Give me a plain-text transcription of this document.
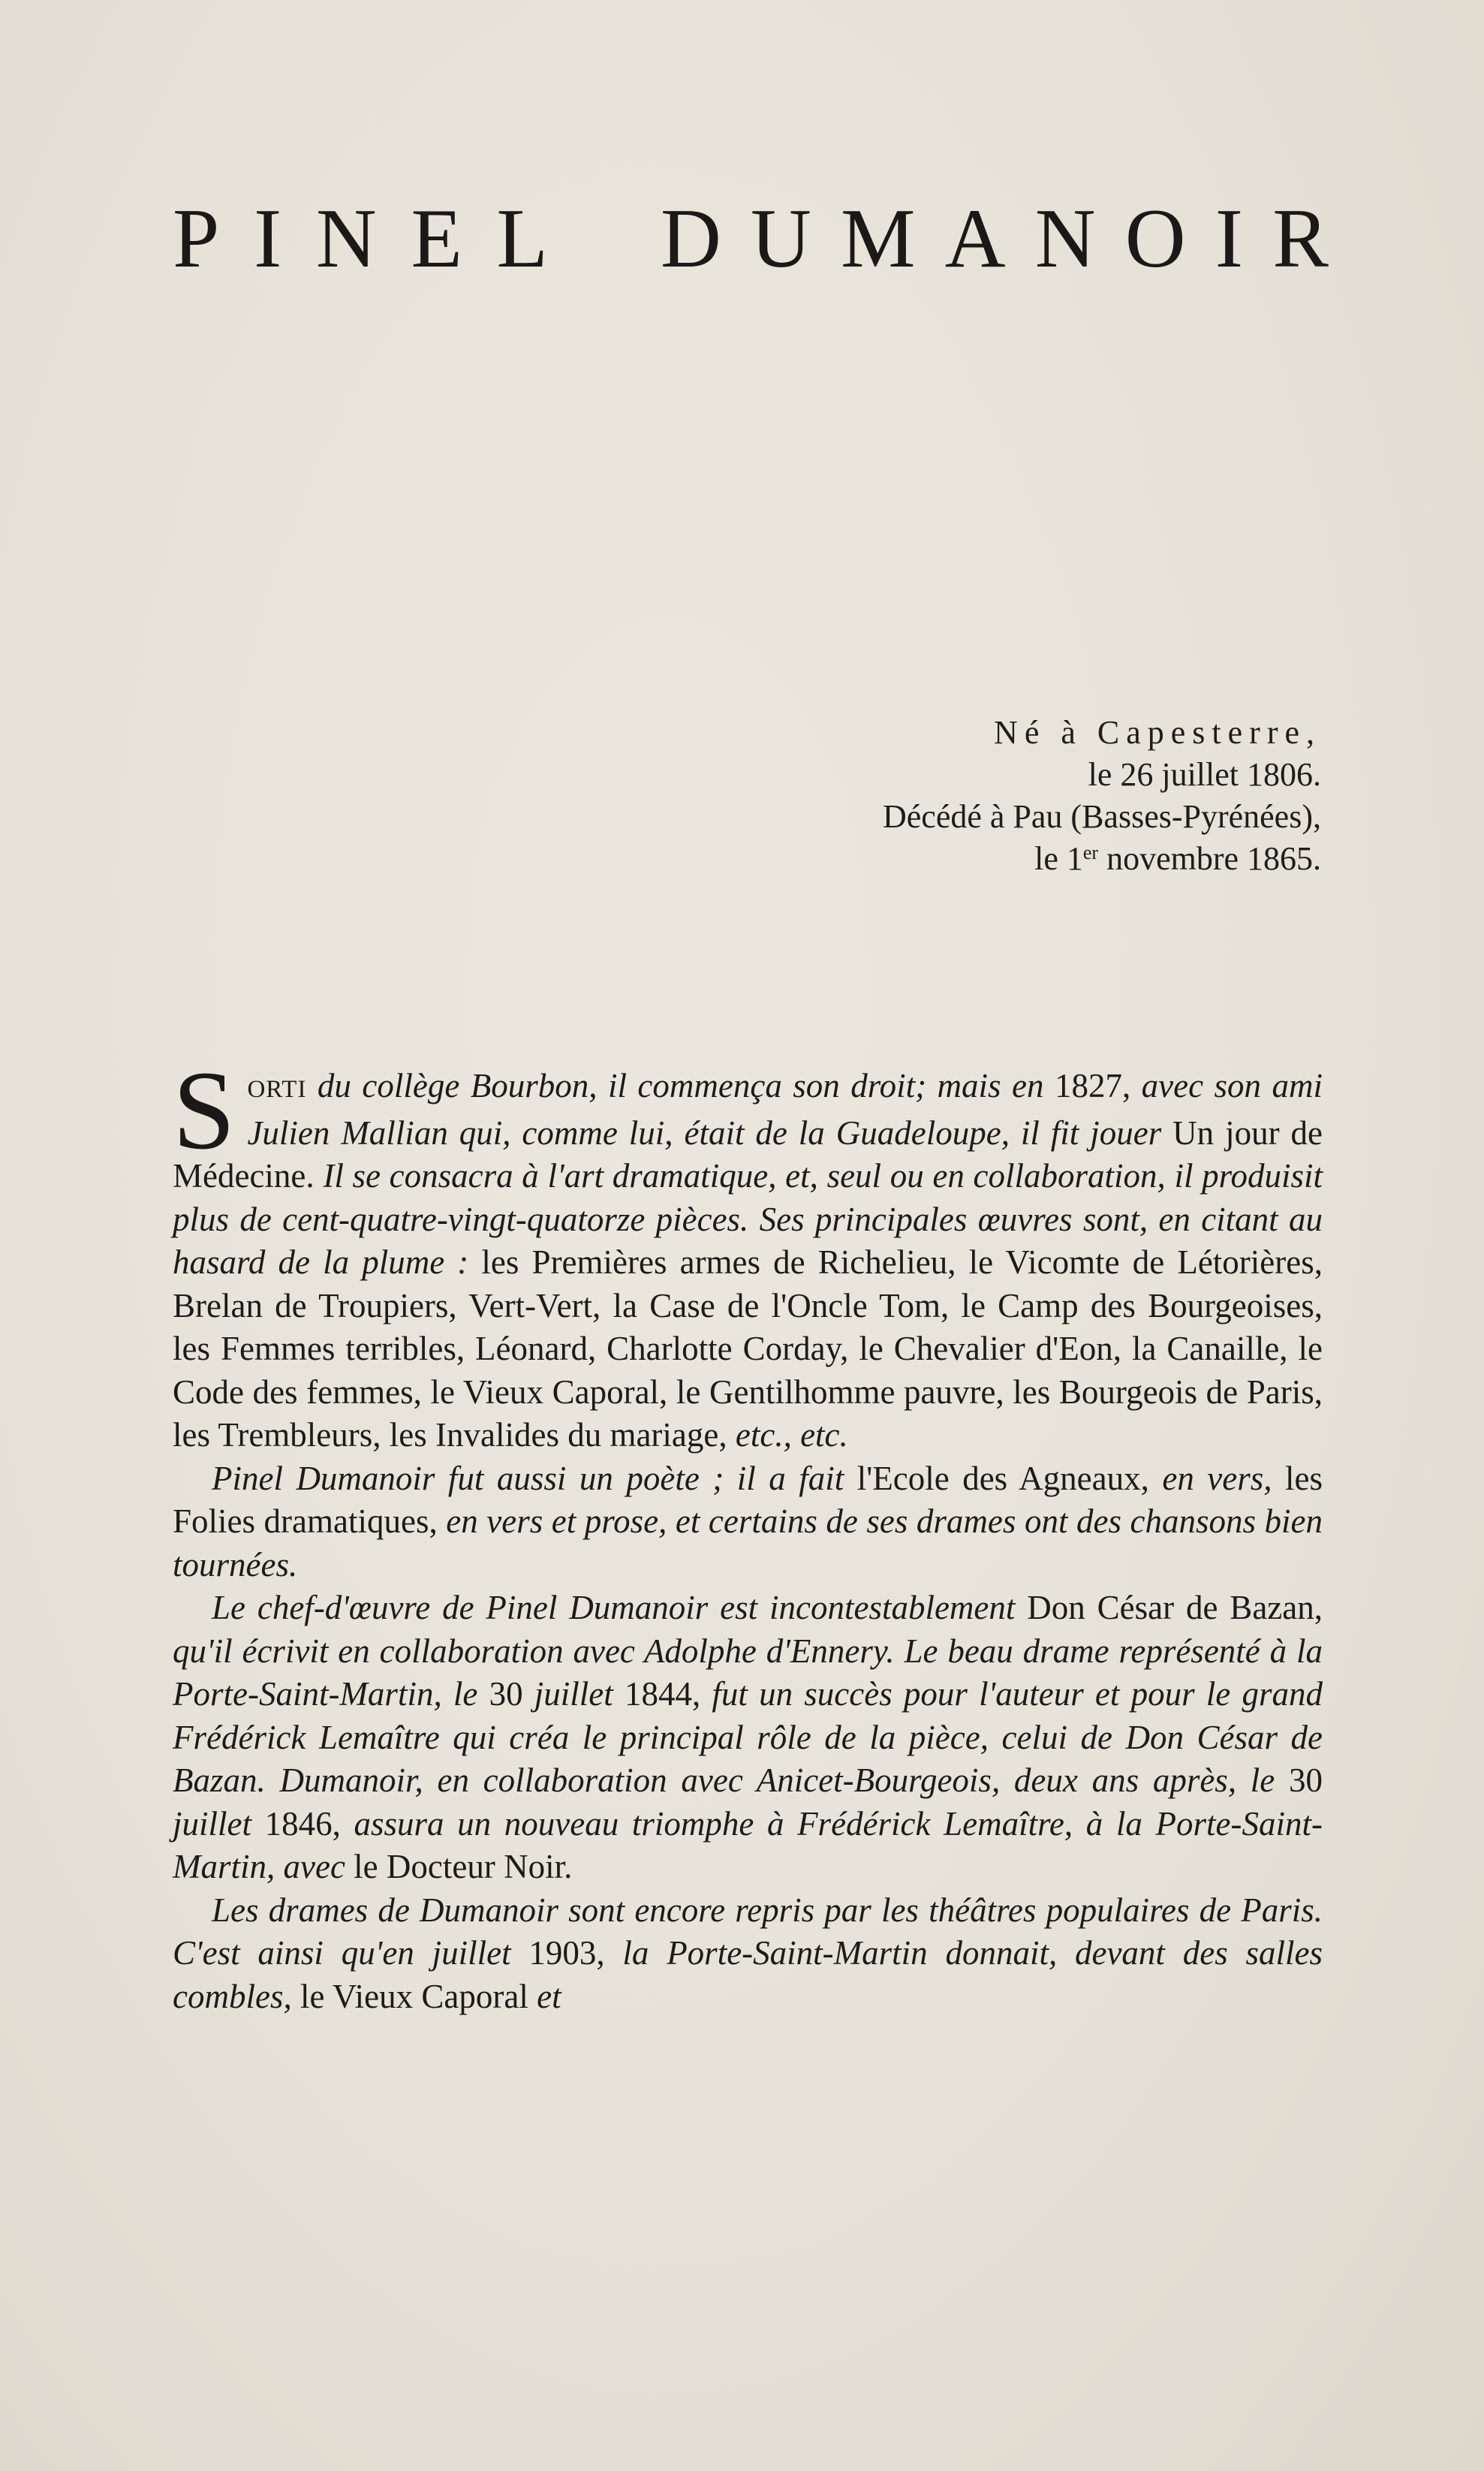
P I N E L D U M A N O I R
Né à Capesterre,
le 26 juillet 1806.
Décédé à Pau (Basses-Pyrénées),
le 1er novembre 1865.

SORTI du collège Bourbon, il commença son droit; mais en 1827, avec son ami Julien Mallian qui, comme lui, était de la Guadeloupe, il fit jouer Un jour de Médecine. Il se consacra à l'art dramatique, et, seul ou en collaboration, il produisit plus de cent-quatre-vingt-quatorze pièces. Ses principales œuvres sont, en citant au hasard de la plume : les Premières armes de Richelieu, le Vicomte de Létorières, Brelan de Troupiers, Vert-Vert, la Case de l'Oncle Tom, le Camp des Bourgeoises, les Femmes terribles, Léonard, Charlotte Corday, le Chevalier d'Eon, la Canaille, le Code des femmes, le Vieux Caporal, le Gentilhomme pauvre, les Bourgeois de Paris, les Trembleurs, les Invalides du mariage, etc., etc.

Pinel Dumanoir fut aussi un poète ; il a fait l'Ecole des Agneaux, en vers, les Folies dramatiques, en vers et prose, et certains de ses drames ont des chansons bien tournées.

Le chef-d'œuvre de Pinel Dumanoir est incontestablement Don César de Bazan, qu'il écrivit en collaboration avec Adolphe d'Ennery. Le beau drame représenté à la Porte-Saint-Martin, le 30 juillet 1844, fut un succès pour l'auteur et pour le grand Frédérick Lemaître qui créa le principal rôle de la pièce, celui de Don César de Bazan. Dumanoir, en collaboration avec Anicet-Bourgeois, deux ans après, le 30 juillet 1846, assura un nouveau triomphe à Frédérick Lemaître, à la Porte-Saint-Martin, avec le Docteur Noir.

Les drames de Dumanoir sont encore repris par les théâtres populaires de Paris. C'est ainsi qu'en juillet 1903, la Porte-Saint-Martin donnait, devant des salles combles, le Vieux Caporal et
